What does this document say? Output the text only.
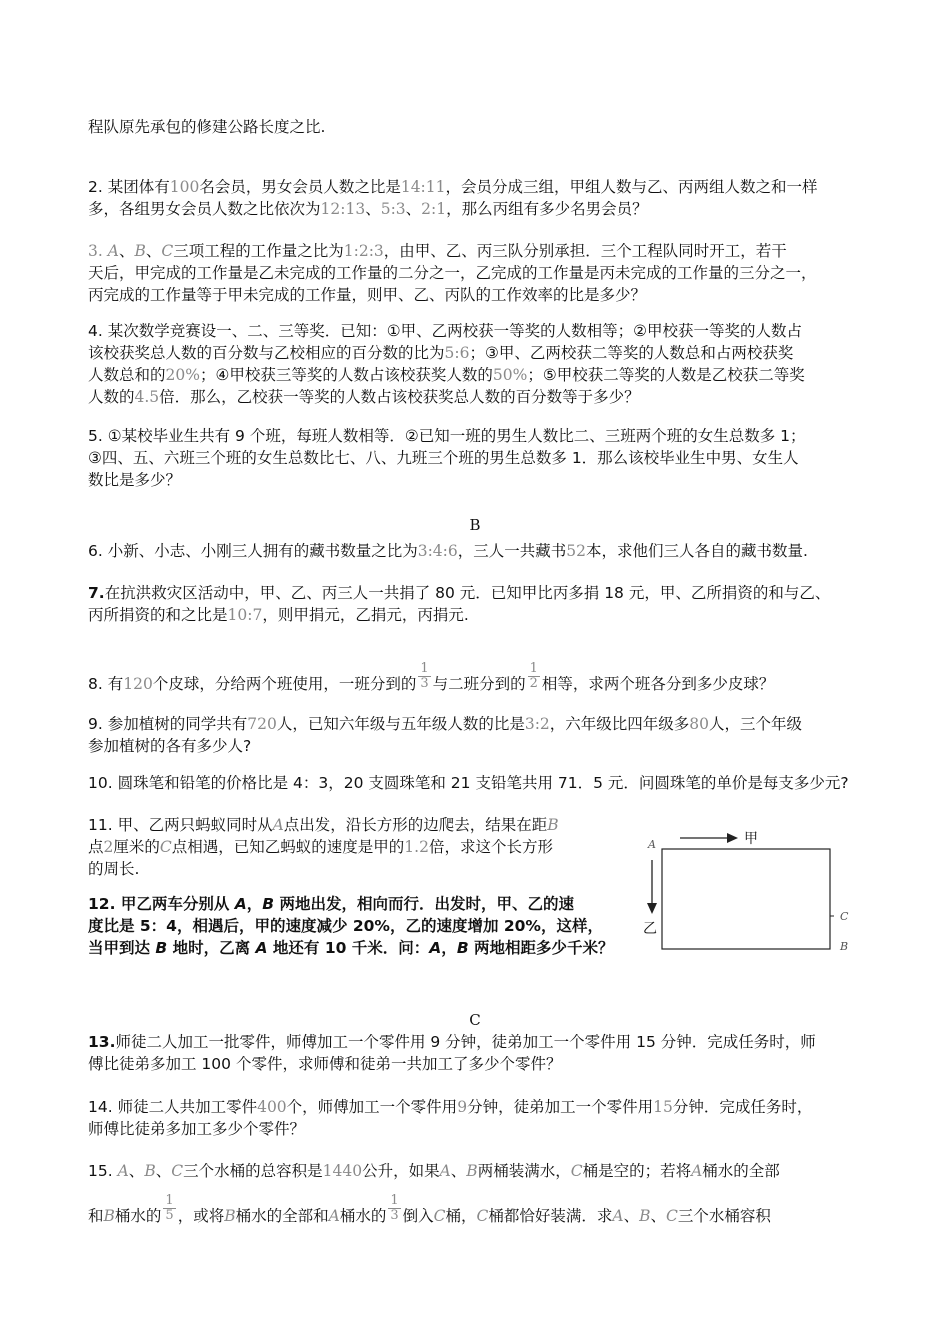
程队原先承包的修建公路长度之比.

2. 某团体有100名会员，男女会员人数之比是14:11，会员分成三组，甲组人数与乙、丙两组人数之和一样

多，各组男女会员人数之比依次为12:13、5:3、2:1，那么丙组有多少名男会员？

3. A、B、C三项工程的工作量之比为1:2:3，由甲、乙、丙三队分别承担．三个工程队同时开工，若干

天后，甲完成的工作量是乙未完成的工作量的二分之一，乙完成的工作量是丙未完成的工作量的三分之一，

丙完成的工作量等于甲未完成的工作量，则甲、乙、丙队的工作效率的比是多少？

4. 某次数学竞赛设一、二、三等奖．已知：①甲、乙两校获一等奖的人数相等；②甲校获一等奖的人数占

该校获奖总人数的百分数与乙校相应的百分数的比为5:6；③甲、乙两校获二等奖的人数总和占两校获奖

人数总和的20%；④甲校获三等奖的人数占该校获奖人数的50%；⑤甲校获二等奖的人数是乙校获二等奖

人数的4.5倍．那么，乙校获一等奖的人数占该校获奖总人数的百分数等于多少？

5. ①某校毕业生共有 9 个班，每班人数相等．②已知一班的男生人数比二、三班两个班的女生总数多 1；

③四、五、六班三个班的女生总数比七、八、九班三个班的男生总数多 1．那么该校毕业生中男、女生人

数比是多少？

B

6. 小新、小志、小刚三人拥有的藏书数量之比为3:4:6，三人一共藏书52本，求他们三人各自的藏书数量.

7.在抗洪救灾区活动中，甲、乙、丙三人一共捐了 80 元．已知甲比丙多捐 18 元，甲、乙所捐资的和与乙、

丙所捐资的和之比是10:7，则甲捐元，乙捐元，丙捐元.

8. 有120个皮球，分给两个班使用，一班分到的 $\frac{1}{3}$ 与二班分到的 $\frac{1}{2}$ 相等，求两个班各分到多少皮球？

9. 参加植树的同学共有720人，已知六年级与五年级人数的比是3:2，六年级比四年级多80人，三个年级

参加植树的各有多少人?

10. 圆珠笔和铅笔的价格比是 4：3，20 支圆珠笔和 21 支铅笔共用 71．5 元．问圆珠笔的单价是每支多少元?

11. 甲、乙两只蚂蚁同时从A点出发，沿长方形的边爬去，结果在距B

点2厘米的C点相遇，已知乙蚂蚁的速度是甲的1.2倍，求这个长方形

的周长.

12. 甲乙两车分别从 A，B 两地出发，相向而行．出发时，甲、乙的速

度比是 5：4，相遇后，甲的速度减少 20%，乙的速度增加 20%，这样，

当甲到达 B 地时，乙离 A 地还有 10 千米．问：A，B 两地相距多少千米？

A	甲
乙
C
B
C

13.师徒二人加工一批零件，师傅加工一个零件用 9 分钟，徒弟加工一个零件用 15 分钟．完成任务时，师

傅比徒弟多加工 100 个零件，求师傅和徒弟一共加工了多少个零件？

14. 师徒二人共加工零件400个，师傅加工一个零件用9分钟，徒弟加工一个零件用15分钟．完成任务时，

师傅比徒弟多加工多少个零件？

15. A、B、C三个水桶的总容积是1440公升，如果A、B两桶装满水，C桶是空的；若将A桶水的全部

和B桶水的 $\frac{1}{5}$ ，或将B桶水的全部和A桶水的 $\frac{1}{3}$ 倒入C桶，C桶都恰好装满．求A、B、C三个水桶容积
